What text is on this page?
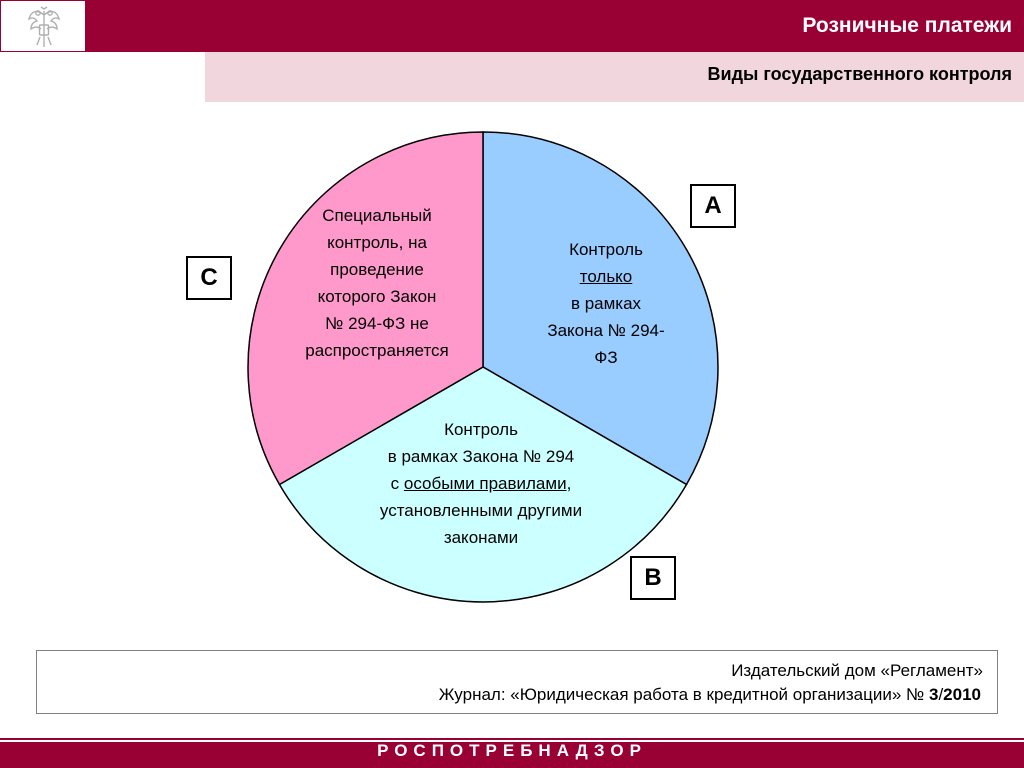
Розничные платежи
Виды государственного контроля
Специальный
контроль, на
проведение
которого Закон
№ 294-ФЗ не
распространяется
Контроль
только
в рамках
Закона № 294-
ФЗ
Контроль
в рамках Закона № 294
с особыми правилами,
установленными другими
законами
A
С
B
Издательский дом «Регламент»
Журнал: «Юридическая работа в кредитной организации» № 3/2010
РОСПОТРЕБНАДЗОР
